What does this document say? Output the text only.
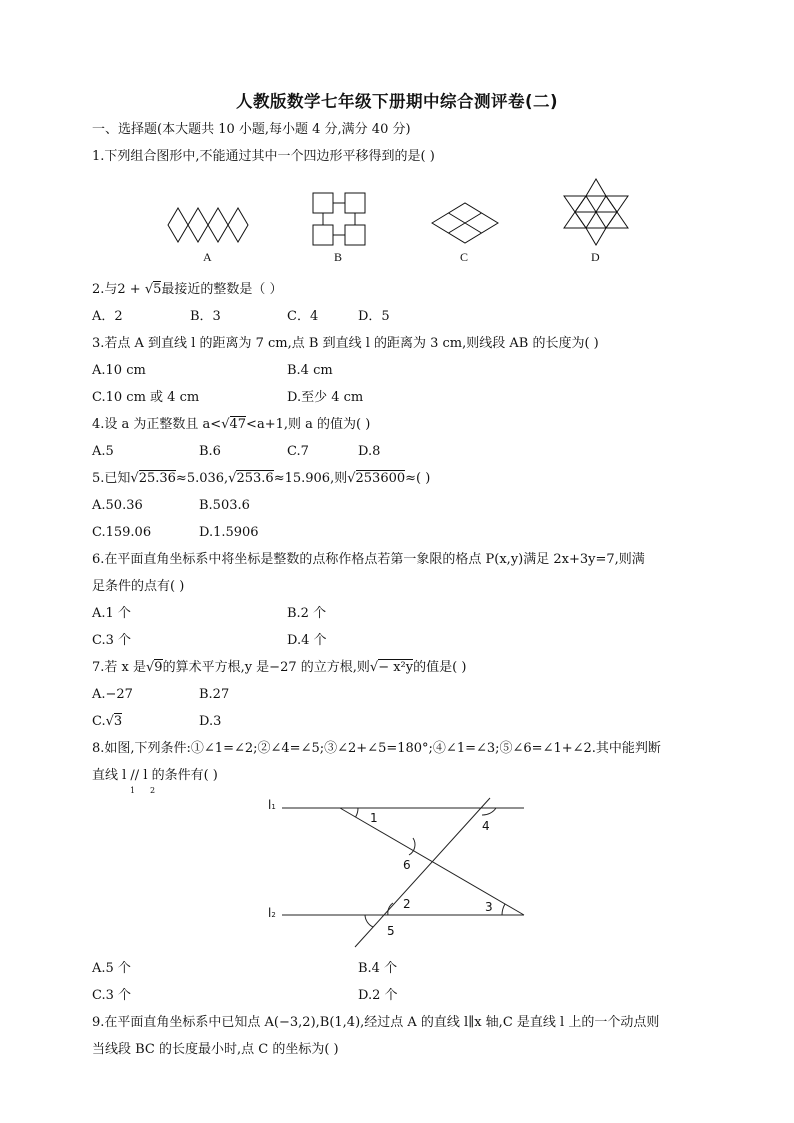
人教版数学七年级下册期中综合测评卷(二)
一、选择题(本大题共 10 小题,每小题 4 分,满分 40 分)
1.下列组合图形中,不能通过其中一个四边形平移得到的是( )
A	B	C	D
2.与2 + √5最接近的整数是（ ）
A．2	B．3	C．4	D．5
3.若点 A 到直线 l 的距离为 7 cm,点 B 到直线 l 的距离为 3 cm,则线段 AB 的长度为( )
A.10 cm	B.4 cm
C.10 cm 或 4 cm	D.至少 4 cm
4.设 a 为正整数且 a<√47<a+1,则 a 的值为( )
A.5	B.6	C.7	D.8
5.已知√25.36≈5.036,√253.6≈15.906,则√253600≈( )
A.50.36	B.503.6
C.159.06	D.1.5906
6.在平面直角坐标系中将坐标是整数的点称作格点若第一象限的格点 P(x,y)满足 2x+3y=7,则满
足条件的点有( )
A.1 个	B.2 个
C.3 个	D.4 个
7.若 x 是√9的算术平方根,y 是−27 的立方根,则√− x²y的值是( )
A.−27	B.27
C.√3	D.3
8.如图,下列条件:①∠1=∠2;②∠4=∠5;③∠2+∠5=180°;④∠1=∠3;⑤∠6=∠1+∠2.其中能判断
直线 l // l 的条件有( )
1 2
l1
l2
1
2	3
4
5
6
A.5 个	B.4 个
C.3 个	D.2 个
9.在平面直角坐标系中已知点 A(−3,2),B(1,4),经过点 A 的直线 l∥x 轴,C 是直线 l 上的一个动点则
当线段 BC 的长度最小时,点 C 的坐标为( )
